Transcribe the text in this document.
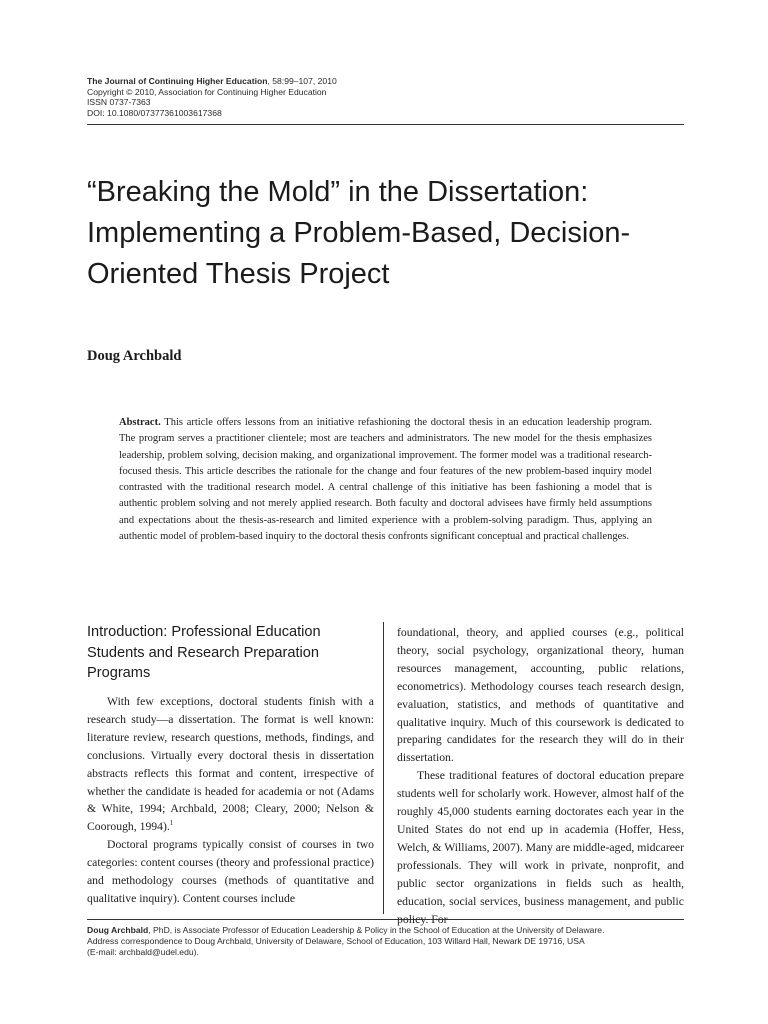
The Journal of Continuing Higher Education, 58:99–107, 2010
Copyright © 2010, Association for Continuing Higher Education
ISSN 0737-7363
DOI: 10.1080/07377361003617368
“Breaking the Mold” in the Dissertation: Implementing a Problem-Based, Decision-Oriented Thesis Project
Doug Archbald
Abstract. This article offers lessons from an initiative refashioning the doctoral thesis in an education leadership program. The program serves a practitioner clientele; most are teachers and administrators. The new model for the thesis emphasizes leadership, problem solving, decision making, and organizational improvement. The former model was a traditional research-focused thesis. This article describes the rationale for the change and four features of the new problem-based inquiry model contrasted with the traditional research model. A central challenge of this initiative has been fashioning a model that is authentic problem solving and not merely applied research. Both faculty and doctoral advisees have firmly held assumptions and expectations about the thesis-as-research and limited experience with a problem-solving paradigm. Thus, applying an authentic model of problem-based inquiry to the doctoral thesis confronts significant conceptual and practical challenges.
Introduction: Professional Education Students and Research Preparation Programs

With few exceptions, doctoral students finish with a research study—a dissertation. The format is well known: literature review, research questions, methods, findings, and conclusions. Virtually every doctoral thesis in dissertation abstracts reflects this format and content, irrespective of whether the candidate is headed for academia or not (Adams & White, 1994; Archbald, 2008; Cleary, 2000; Nelson & Coorough, 1994).$^1$

Doctoral programs typically consist of courses in two categories: content courses (theory and professional practice) and methodology courses (methods of quantitative and qualitative inquiry). Content courses include

foundational, theory, and applied courses (e.g., political theory, social psychology, organizational theory, human resources management, accounting, public relations, econometrics). Methodology courses teach research design, evaluation, statistics, and methods of quantitative and qualitative inquiry. Much of this coursework is dedicated to preparing candidates for the research they will do in their dissertation.

These traditional features of doctoral education prepare students well for scholarly work. However, almost half of the roughly 45,000 students earning doctorates each year in the United States do not end up in academia (Hoffer, Hess, Welch, & Williams, 2007). Many are middle-aged, midcareer professionals. They will work in private, nonprofit, and public sector organizations in fields such as health, education, social services, business management, and public policy. For

Doug Archbald, PhD, is Associate Professor of Education Leadership & Policy in the School of Education at the University of Delaware.
Address correspondence to Doug Archbald, University of Delaware, School of Education, 103 Willard Hall, Newark DE 19716, USA
(E-mail: archbald@udel.edu).
